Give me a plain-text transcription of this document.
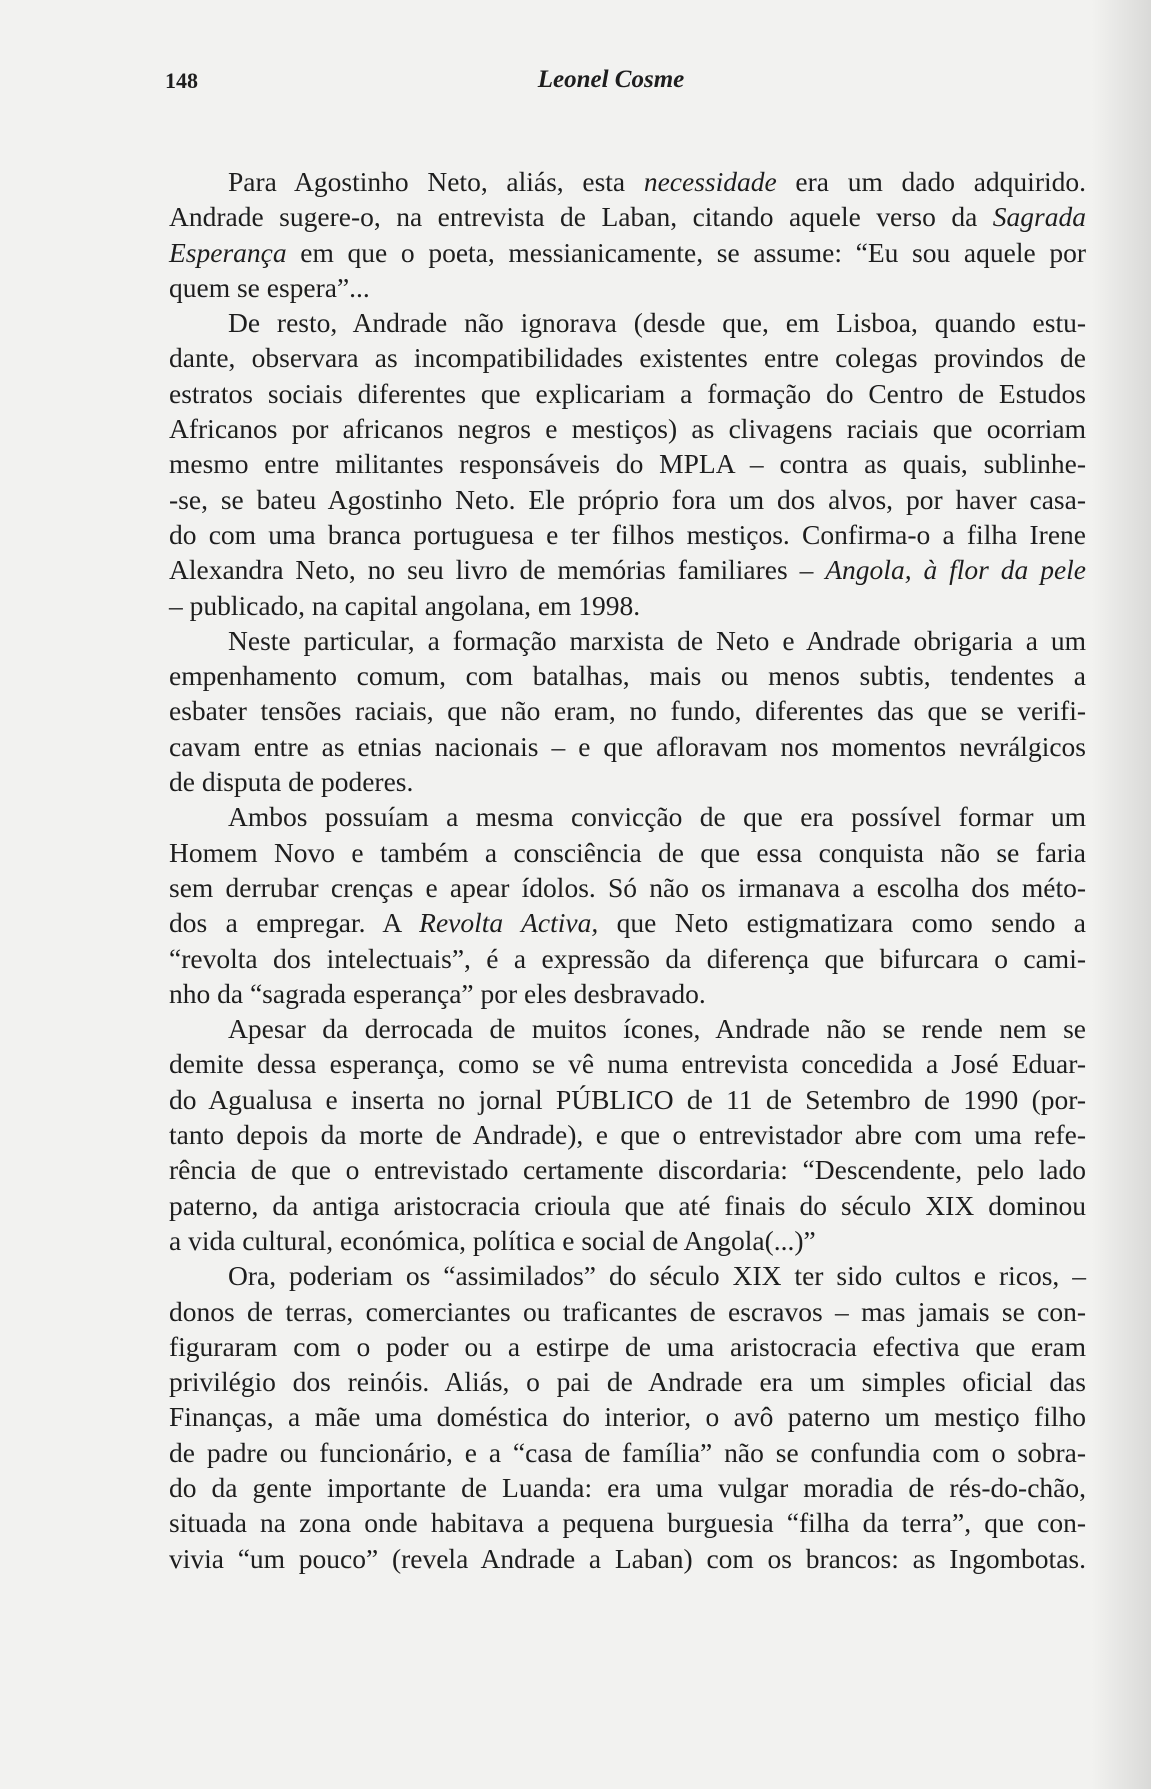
148	Leonel Cosme
Para Agostinho Neto, aliás, esta necessidade era um dado adquirido.
Andrade sugere-o, na entrevista de Laban, citando aquele verso da Sagrada
Esperança em que o poeta, messianicamente, se assume: “Eu sou aquele por
quem se espera”...
De resto, Andrade não ignorava (desde que, em Lisboa, quando estu-
dante, observara as incompatibilidades existentes entre colegas provindos de
estratos sociais diferentes que explicariam a formação do Centro de Estudos
Africanos por africanos negros e mestiços) as clivagens raciais que ocorriam
mesmo entre militantes responsáveis do MPLA – contra as quais, sublinhe-
-se, se bateu Agostinho Neto. Ele próprio fora um dos alvos, por haver casa-
do com uma branca portuguesa e ter filhos mestiços. Confirma-o a filha Irene
Alexandra Neto, no seu livro de memórias familiares – Angola, à flor da pele
– publicado, na capital angolana, em 1998.
Neste particular, a formação marxista de Neto e Andrade obrigaria a um
empenhamento comum, com batalhas, mais ou menos subtis, tendentes a
esbater tensões raciais, que não eram, no fundo, diferentes das que se verifi-
cavam entre as etnias nacionais – e que afloravam nos momentos nevrálgicos
de disputa de poderes.
Ambos possuíam a mesma convicção de que era possível formar um
Homem Novo e também a consciência de que essa conquista não se faria
sem derrubar crenças e apear ídolos. Só não os irmanava a escolha dos méto-
dos a empregar. A Revolta Activa, que Neto estigmatizara como sendo a
“revolta dos intelectuais”, é a expressão da diferença que bifurcara o cami-
nho da “sagrada esperança” por eles desbravado.
Apesar da derrocada de muitos ícones, Andrade não se rende nem se
demite dessa esperança, como se vê numa entrevista concedida a José Eduar-
do Agualusa e inserta no jornal PÚBLICO de 11 de Setembro de 1990 (por-
tanto depois da morte de Andrade), e que o entrevistador abre com uma refe-
rência de que o entrevistado certamente discordaria: “Descendente, pelo lado
paterno, da antiga aristocracia crioula que até finais do século XIX dominou
a vida cultural, económica, política e social de Angola(...)”
Ora, poderiam os “assimilados” do século XIX ter sido cultos e ricos, –
donos de terras, comerciantes ou traficantes de escravos – mas jamais se con-
figuraram com o poder ou a estirpe de uma aristocracia efectiva que eram
privilégio dos reinóis. Aliás, o pai de Andrade era um simples oficial das
Finanças, a mãe uma doméstica do interior, o avô paterno um mestiço filho
de padre ou funcionário, e a “casa de família” não se confundia com o sobra-
do da gente importante de Luanda: era uma vulgar moradia de rés-do-chão,
situada na zona onde habitava a pequena burguesia “filha da terra”, que con-
vivia “um pouco” (revela Andrade a Laban) com os brancos: as Ingombotas.
